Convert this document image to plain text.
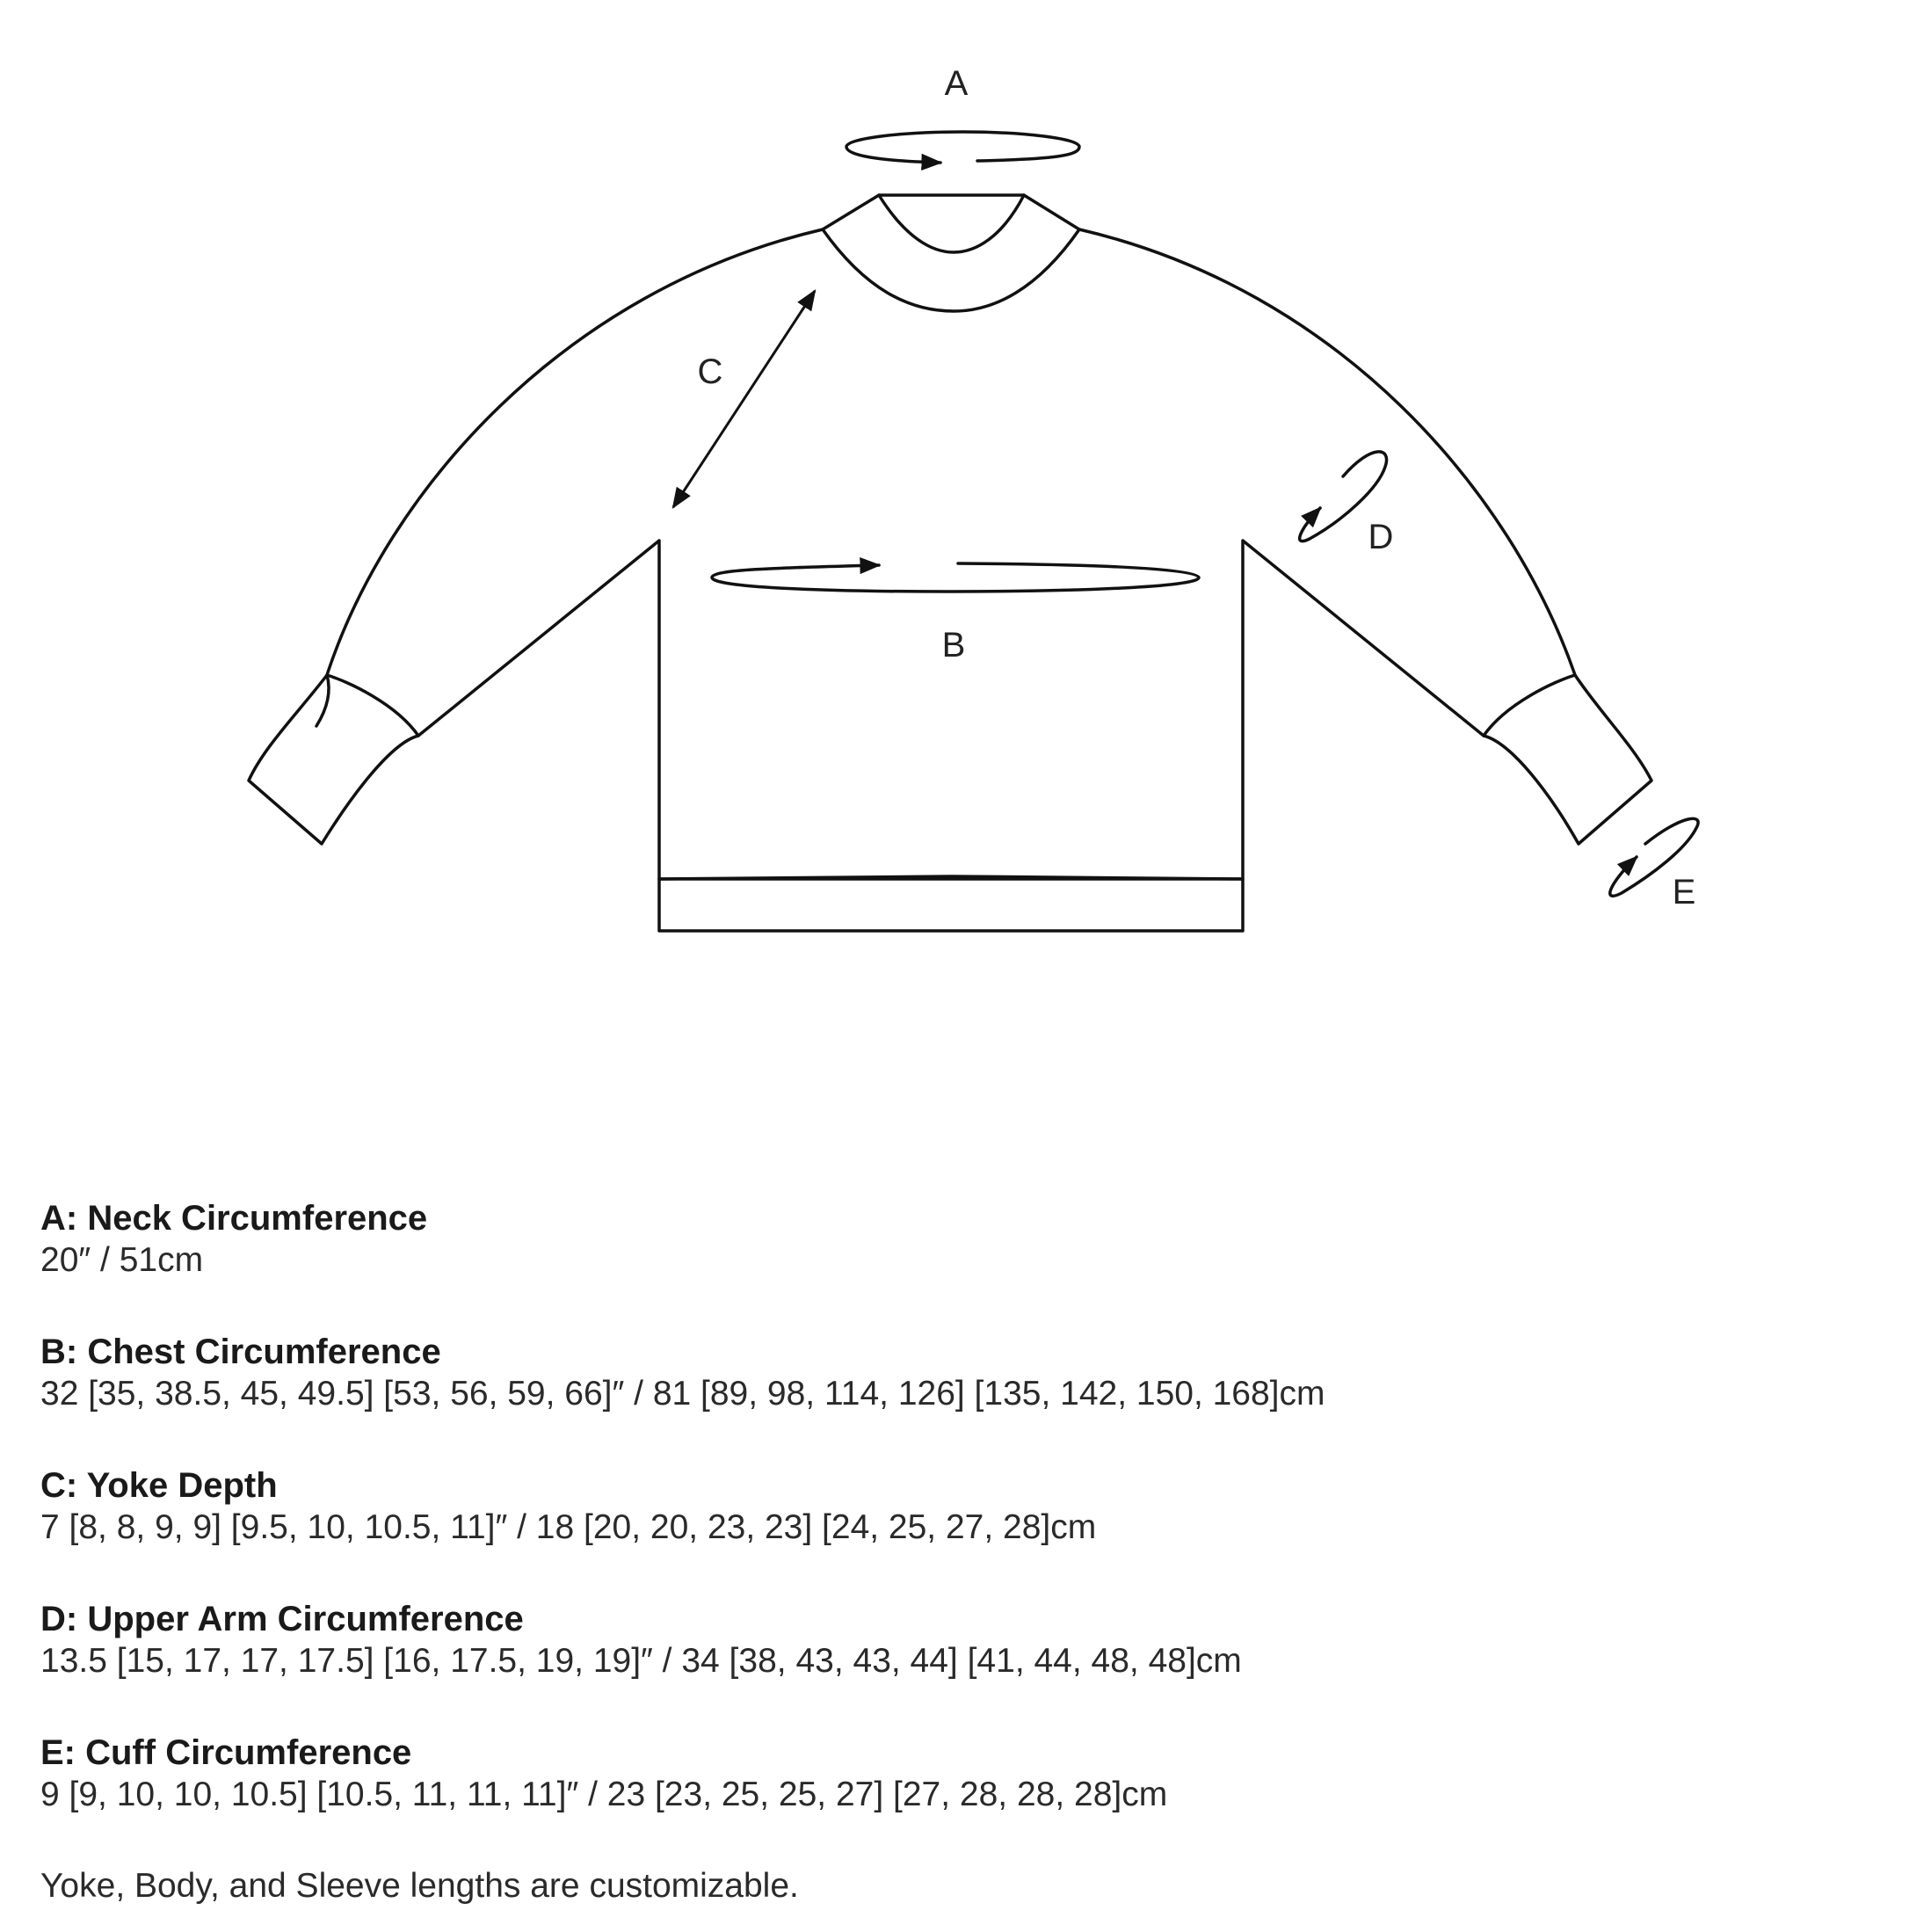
A
B
C
D
E
A: Neck Circumference
20″ / 51cm
B: Chest Circumference
32 [35, 38.5, 45, 49.5] [53, 56, 59, 66]″ / 81 [89, 98, 114, 126] [135, 142, 150, 168]cm
C: Yoke Depth
7 [8, 8, 9, 9] [9.5, 10, 10.5, 11]″ / 18 [20, 20, 23, 23] [24, 25, 27, 28]cm
D: Upper Arm Circumference
13.5 [15, 17, 17, 17.5] [16, 17.5, 19, 19]″ / 34 [38, 43, 43, 44] [41, 44, 48, 48]cm
E: Cuff Circumference
9 [9, 10, 10, 10.5] [10.5, 11, 11, 11]″ / 23 [23, 25, 25, 27] [27, 28, 28, 28]cm
Yoke, Body, and Sleeve lengths are customizable.
